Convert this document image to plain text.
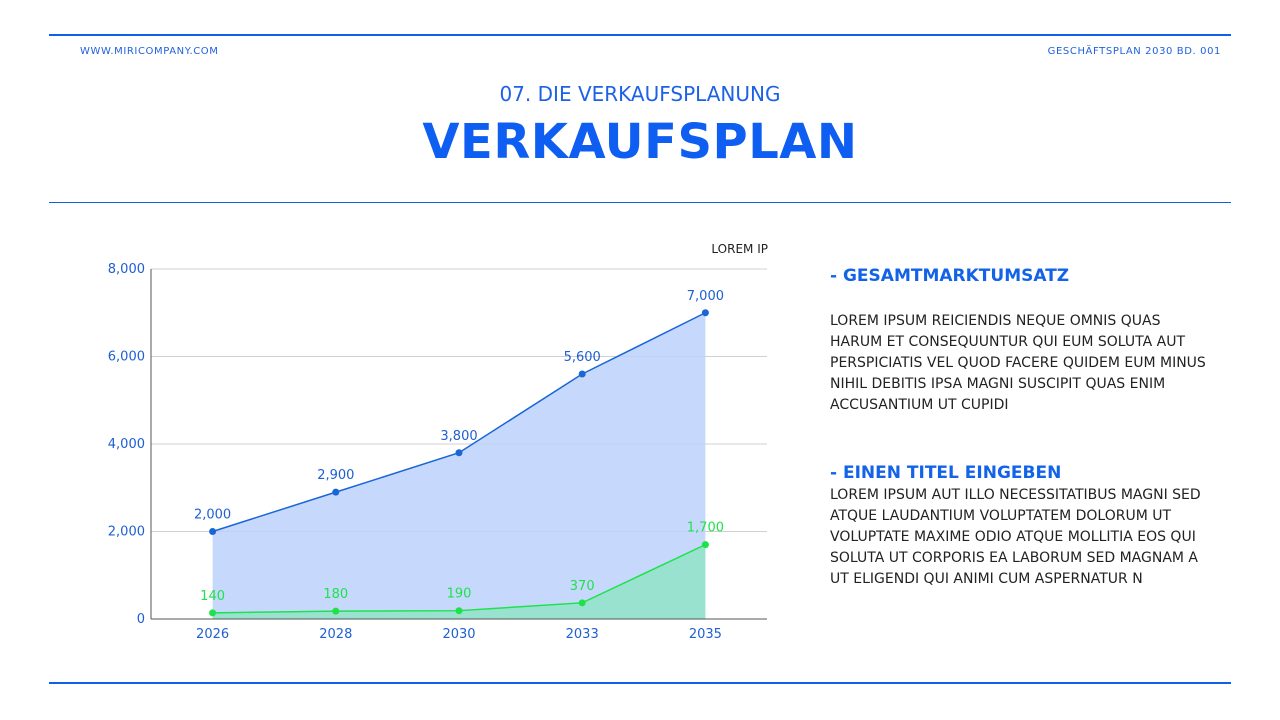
WWW.MIRICOMPANY.COM	GESCHÄFTSPLAN 2030 BD. 001
07. DIE VERKAUFSPLANUNG
VERKAUFSPLAN
0
2,000
4,000
6,000
8,000
2,000
2,900
3,800
5,600
7,000
140	180	190
370
1,700
2026	2028	2030	2033	2035
LOREM IP
- GESAMTMARKTUMSATZ

LOREM IPSUM REICIENDIS NEQUE OMNIS QUAS HARUM ET CONSEQUUNTUR QUI EUM SOLUTA AUT PERSPICIATIS VEL QUOD FACERE QUIDEM EUM MINUS NIHIL DEBITIS IPSA MAGNI SUSCIPIT QUAS ENIM ACCUSANTIUM UT CUPIDI

- EINEN TITEL EINGEBEN

LOREM IPSUM AUT ILLO NECESSITATIBUS MAGNI SED ATQUE LAUDANTIUM VOLUPTATEM DOLORUM UT VOLUPTATE MAXIME ODIO ATQUE MOLLITIA EOS QUI SOLUTA UT CORPORIS EA LABORUM SED MAGNAM A UT ELIGENDI QUI ANIMI CUM ASPERNATUR N
